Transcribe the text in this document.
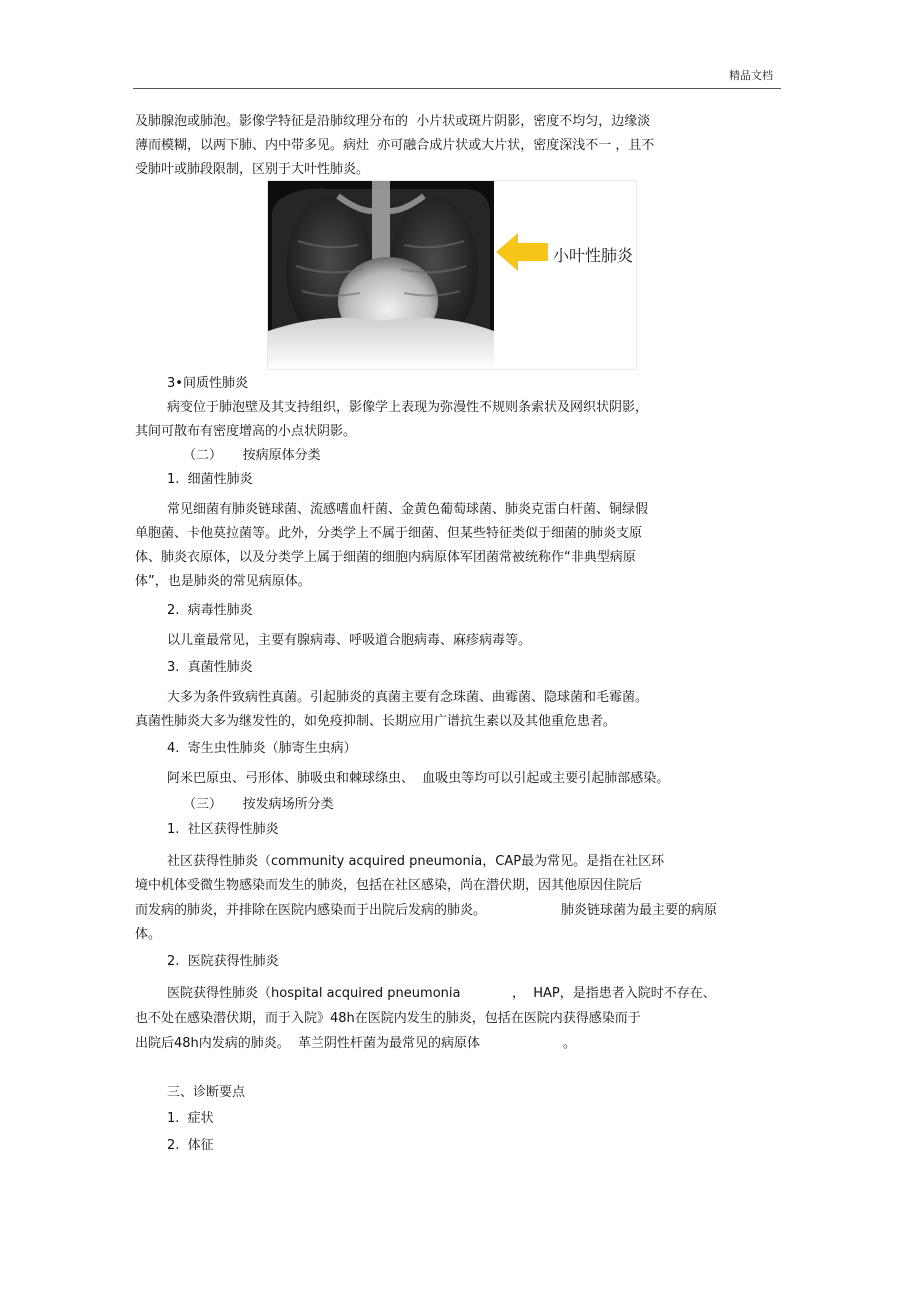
精品文档
及肺腺泡或肺泡。影像学特征是沿肺纹理分布的  小片状或斑片阴影，密度不均匀，边缘淡
薄而模糊，以两下肺、内中带多见。病灶  亦可融合成片状或大片状，密度深浅不一 ，且不
受肺叶或肺段限制，区别于大叶性肺炎。
小叶性肺炎
3•间质性肺炎
病变位于肺泡壁及其支持组织，影像学上表现为弥漫性不规则条索状及网织状阴影，
其间可散布有密度增高的小点状阴影。
（二）     按病原体分类
1.  细菌性肺炎
常见细菌有肺炎链球菌、流感嗜血杆菌、金黄色葡萄球菌、肺炎克雷白杆菌、铜绿假
单胞菌、卡他莫拉菌等。此外，分类学上不属于细菌、但某些特征类似于细菌的肺炎支原
体、肺炎衣原体，以及分类学上属于细菌的细胞内病原体军团菌常被统称作“非典型病原
体”，也是肺炎的常见病原体。
2.  病毒性肺炎
以儿童最常见，主要有腺病毒、呼吸道合胞病毒、麻疹病毒等。
3.  真菌性肺炎
大多为条件致病性真菌。引起肺炎的真菌主要有念珠菌、曲霉菌、隐球菌和毛霉菌。
真菌性肺炎大多为继发性的，如免疫抑制、长期应用广谱抗生素以及其他重危患者。
4.  寄生虫性肺炎（肺寄生虫病）
阿米巴原虫、弓形体、肺吸虫和棘球绦虫、  血吸虫等均可以引起或主要引起肺部感染。
（三）     按发病场所分类
1.  社区获得性肺炎
社区获得性肺炎（community acquired pneumonia，CAP最为常见。是指在社区环
境中机体受微生物感染而发生的肺炎，包括在社区感染，尚在潜伏期，因其他原因住院后
而发病的肺炎，并排除在医院内感染而于出院后发病的肺炎。	肺炎链球菌为最主要的病原
体。
2.  医院获得性肺炎
医院获得性肺炎（hospital acquired pneumonia	，  HAP，是指患者入院时不存在、
也不处在感染潜伏期，而于入院》48h在医院内发生的肺炎，包括在医院内获得感染而于
出院后48h内发病的肺炎。  革兰阴性杆菌为最常见的病原体	。
三、诊断要点
1.  症状
2.  体征
